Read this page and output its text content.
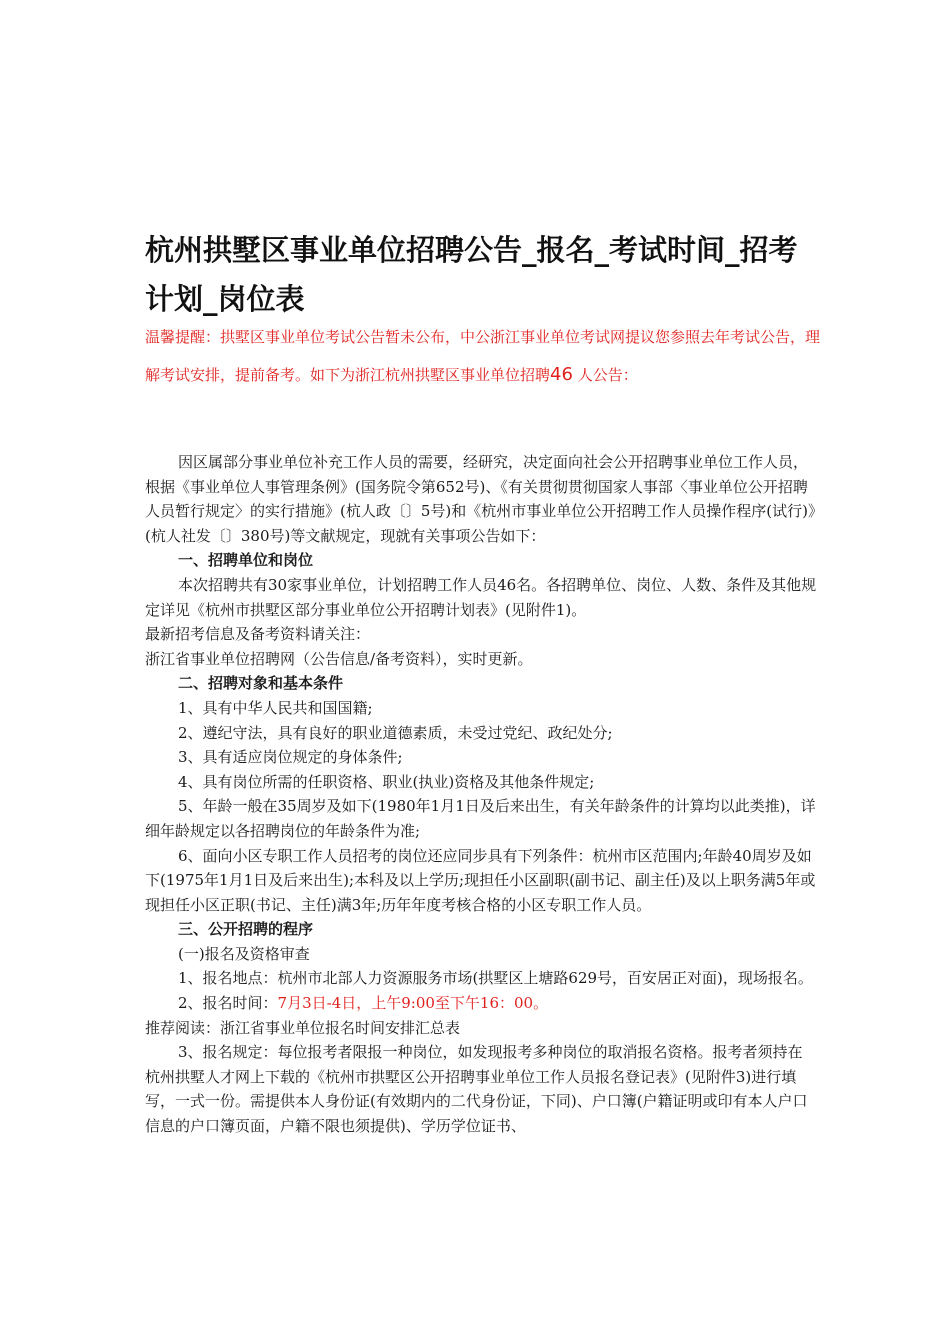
杭州拱墅区事业单位招聘公告_报名_考试时间_招考计划_岗位表

温馨提醒：拱墅区事业单位考试公告暂未公布，中公浙江事业单位考试网提议您参照去年考试公告，理解考试安排，提前备考。如下为浙江杭州拱墅区事业单位招聘46 人公告：

因区属部分事业单位补充工作人员的需要，经研究，决定面向社会公开招聘事业单位工作人员，根据《事业单位人事管理条例》(国务院令第652号)、《有关贯彻贯彻国家人事部〈事业单位公开招聘人员暂行规定〉的实行措施》(杭人政〔〕5号)和《杭州市事业单位公开招聘工作人员操作程序(试行)》(杭人社发〔〕380号)等文献规定，现就有关事项公告如下：

一、招聘单位和岗位

本次招聘共有30家事业单位，计划招聘工作人员46名。各招聘单位、岗位、人数、条件及其他规定详见《杭州市拱墅区部分事业单位公开招聘计划表》(见附件1)。

最新招考信息及备考资料请关注：

浙江省事业单位招聘网（公告信息/备考资料），实时更新。

二、招聘对象和基本条件

1、具有中华人民共和国国籍;

2、遵纪守法，具有良好的职业道德素质，未受过党纪、政纪处分;

3、具有适应岗位规定的身体条件;

4、具有岗位所需的任职资格、职业(执业)资格及其他条件规定;

5、年龄一般在35周岁及如下(1980年1月1日及后来出生，有关年龄条件的计算均以此类推)，详细年龄规定以各招聘岗位的年龄条件为准;

6、面向小区专职工作人员招考的岗位还应同步具有下列条件：杭州市区范围内;年龄40周岁及如下(1975年1月1日及后来出生);本科及以上学历;现担任小区副职(副书记、副主任)及以上职务满5年或现担任小区正职(书记、主任)满3年;历年年度考核合格的小区专职工作人员。

三、公开招聘的程序

(一)报名及资格审查

1、报名地点：杭州市北部人力资源服务市场(拱墅区上塘路629号，百安居正对面)，现场报名。

2、报名时间：7月3日-4日，上午9:00至下午16：00。

推荐阅读：浙江省事业单位报名时间安排汇总表

3、报名规定：每位报考者限报一种岗位，如发现报考多种岗位的取消报名资格。报考者须持在杭州拱墅人才网上下载的《杭州市拱墅区公开招聘事业单位工作人员报名登记表》(见附件3)进行填写，一式一份。需提供本人身份证(有效期内的二代身份证，下同)、户口簿(户籍证明或印有本人户口信息的户口簿页面，户籍不限也须提供)、学历学位证书、
